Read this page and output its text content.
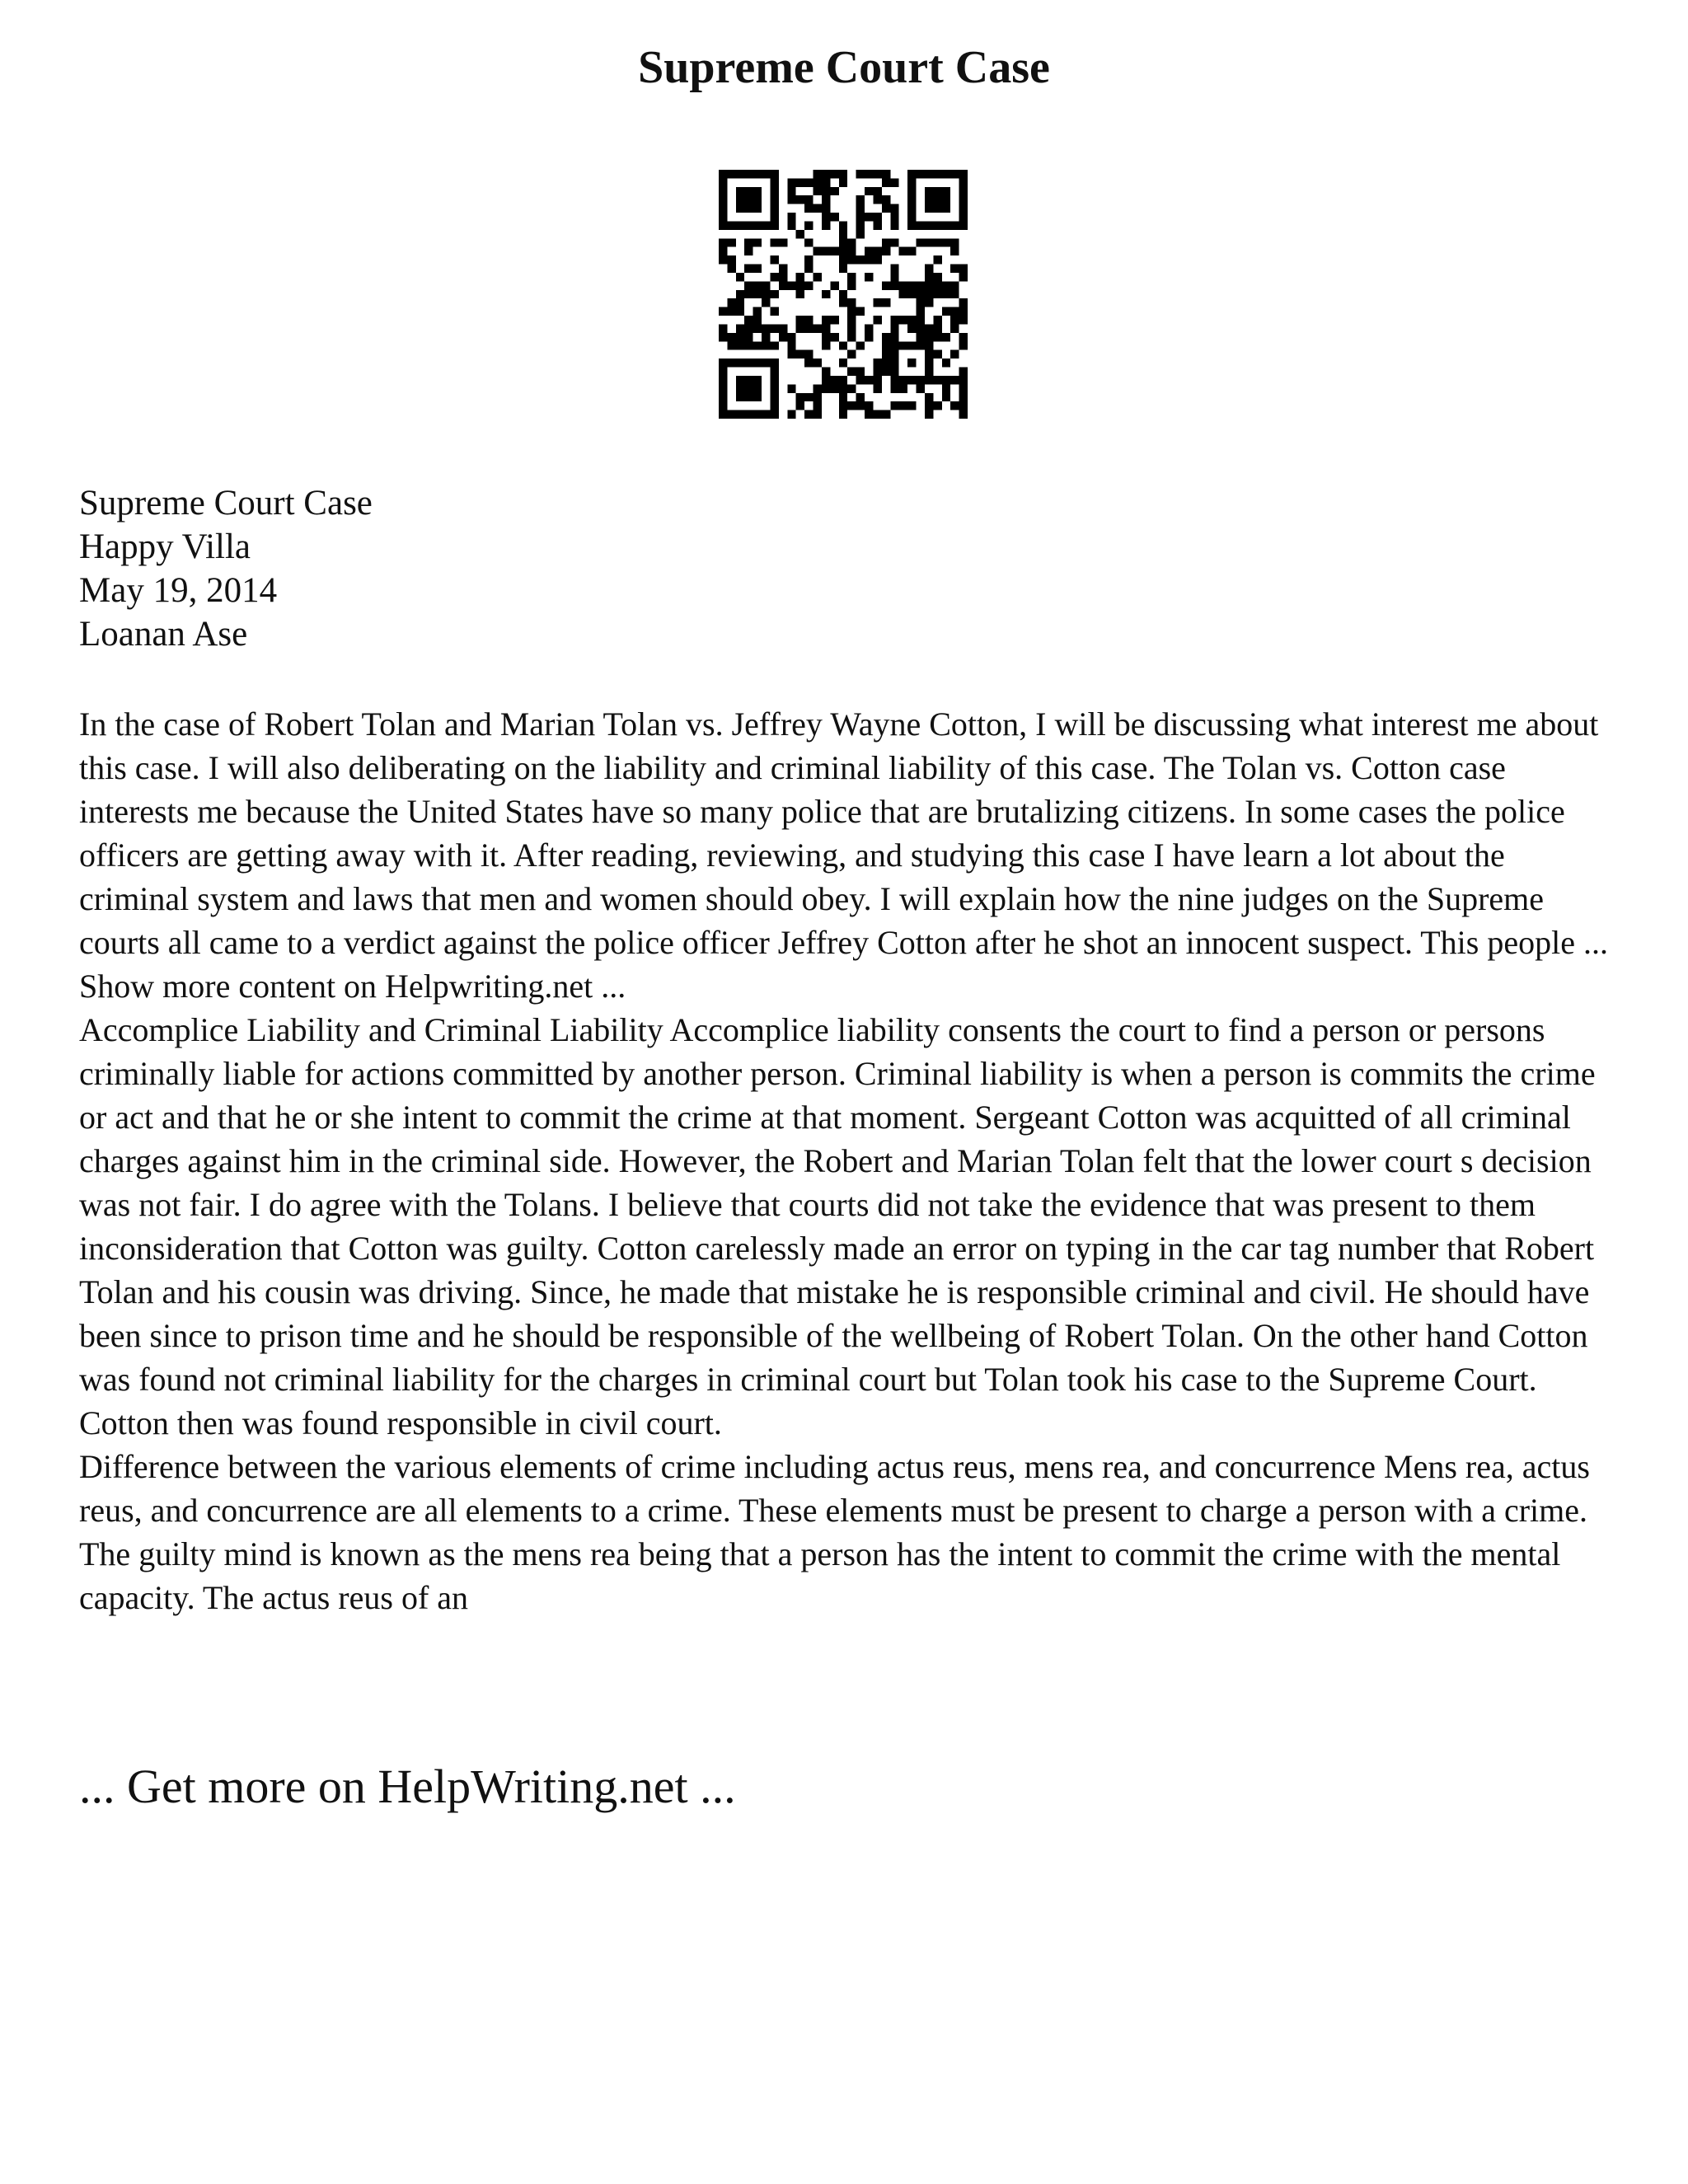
Supreme Court Case
Supreme Court Case
Happy Villa
May 19, 2014
Loanan Ase

In the case of Robert Tolan and Marian Tolan vs. Jeffrey Wayne Cotton, I will be discussing what interest me about this case. I will also deliberating on the liability and criminal liability of this case. The Tolan vs. Cotton case interests me because the United States have so many police that are brutalizing citizens. In some cases the police officers are getting away with it. After reading, reviewing, and studying this case I have learn a lot about the criminal system and laws that men and women should obey. I will explain how the nine judges on the Supreme courts all came to a verdict against the police officer Jeffrey Cotton after he shot an innocent suspect. This people ... Show more content on Helpwriting.net ...

Accomplice Liability and Criminal Liability Accomplice liability consents the court to find a person or persons criminally liable for actions committed by another person. Criminal liability is when a person is commits the crime or act and that he or she intent to commit the crime at that moment. Sergeant Cotton was acquitted of all criminal charges against him in the criminal side. However, the Robert and Marian Tolan felt that the lower court s decision was not fair. I do agree with the Tolans. I believe that courts did not take the evidence that was present to them inconsideration that Cotton was guilty. Cotton carelessly made an error on typing in the car tag number that Robert Tolan and his cousin was driving. Since, he made that mistake he is responsible criminal and civil. He should have been since to prison time and he should be responsible of the wellbeing of Robert Tolan. On the other hand Cotton was found not criminal liability for the charges in criminal court but Tolan took his case to the Supreme Court. Cotton then was found responsible in civil court.

Difference between the various elements of crime including actus reus, mens rea, and concurrence Mens rea, actus reus, and concurrence are all elements to a crime. These elements must be present to charge a person with a crime. The guilty mind is known as the mens rea being that a person has the intent to commit the crime with the mental capacity. The actus reus of an

... Get more on HelpWriting.net ...
